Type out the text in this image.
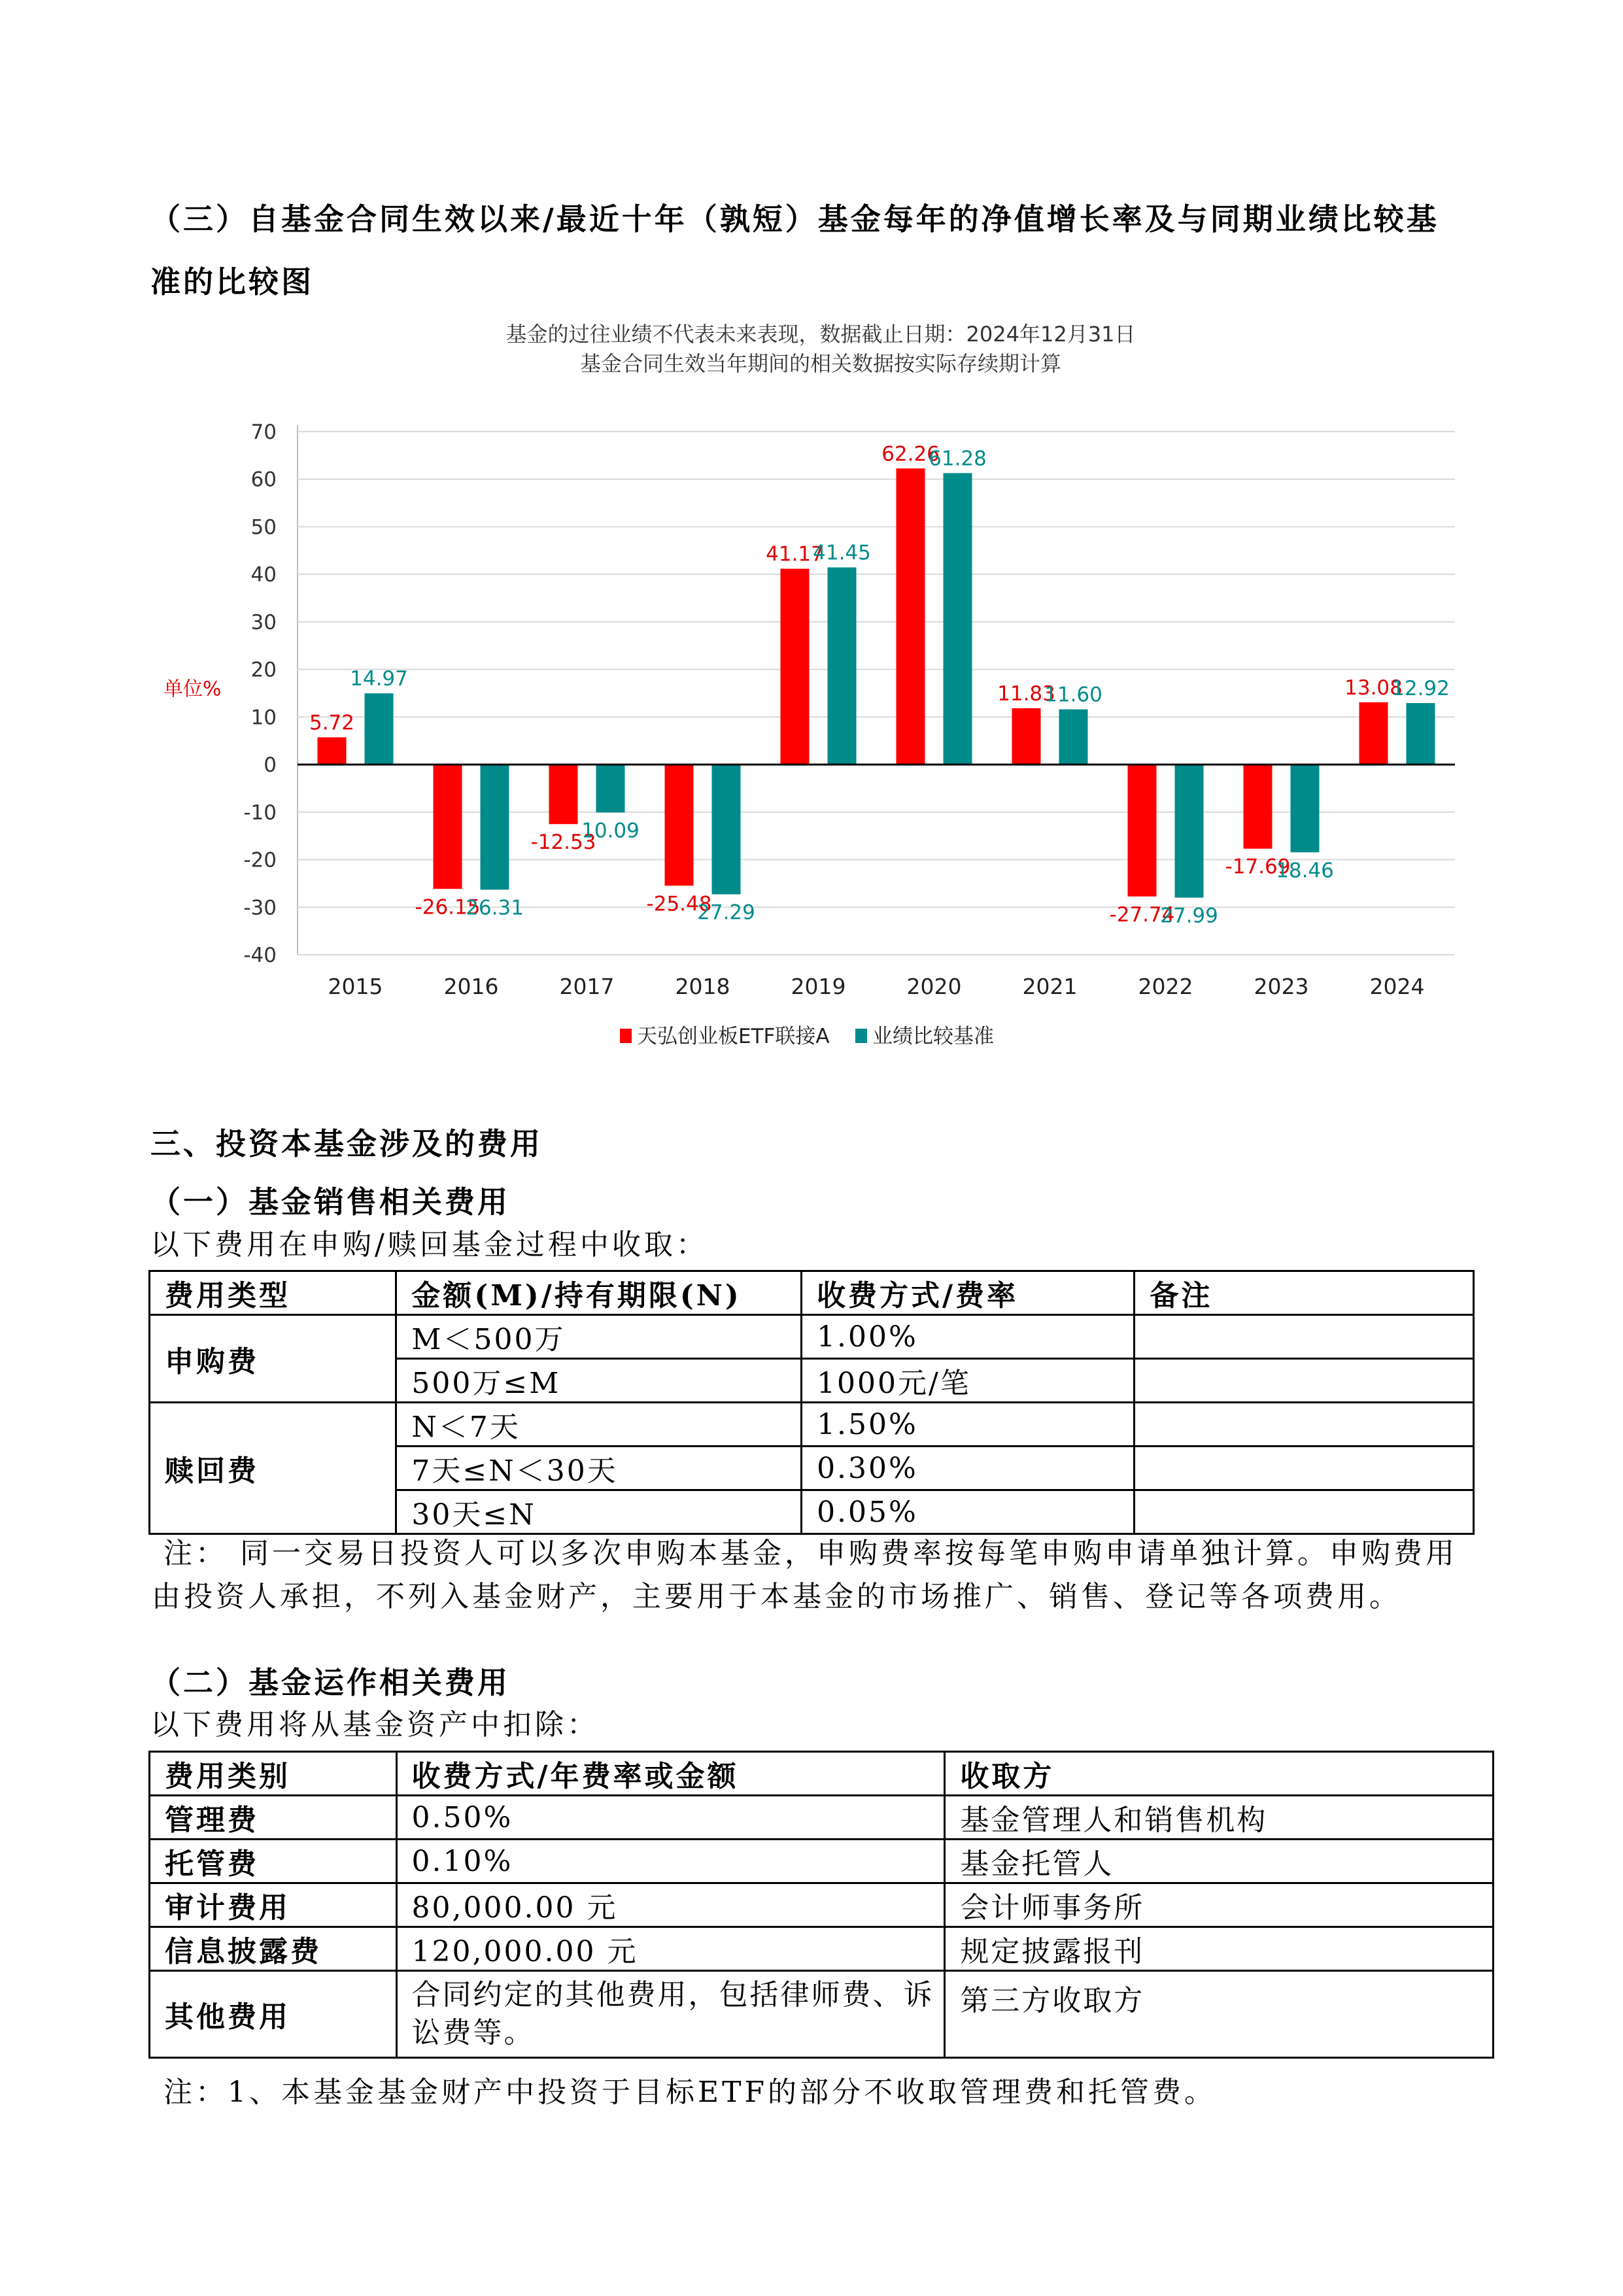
（三）自基金合同生效以来/最近十年（孰短）基金每年的净值增长率及与同期业绩比较基
准的比较图
基金的过往业绩不代表未来表现，数据截止日期：2024年12月31日
基金合同生效当年期间的相关数据按实际存续期计算
70
60
50
40
30
20
10
0
-10
-20
-30
-40
单位%
2015
5.72
14.97
2016
-26.15
26.31
2017
-12.53
10.09
2018
-25.48
27.29
2019
41.17
41.45
2020
62.26
61.28
2021
11.83
11.60
2022
-27.74
27.99
2023
-17.69
18.46
2024
13.08
12.92
天弘创业板ETF联接A 业绩比较基准
三、投资本基金涉及的费用
（一）基金销售相关费用
以下费用在申购/赎回基金过程中收取：
费用类型	金额(M)/持有期限(N)	收费方式/费率	备注
申购费	M＜500万	1.00%	
	500万≤M	1000元/笔	
赎回费	N＜7天	1.50%	
	7天≤N＜30天	0.30%	
	30天≤N	0.05%	
注： 同一交易日投资人可以多次申购本基金，申购费率按每笔申购申请单独计算。申购费用
由投资人承担，不列入基金财产，主要用于本基金的市场推广、销售、登记等各项费用。
（二）基金运作相关费用
以下费用将从基金资产中扣除：
费用类别	收费方式/年费率或金额	收取方
管理费	0.50%	基金管理人和销售机构
托管费	0.10%	基金托管人
审计费用	80,000.00 元	会计师事务所
信息披露费	120,000.00 元	规定披露报刊
其他费用	合同约定的其他费用，包括律师费、诉讼费等。	第三方收取方
注：1、本基金基金财产中投资于目标ETF的部分不收取管理费和托管费。
